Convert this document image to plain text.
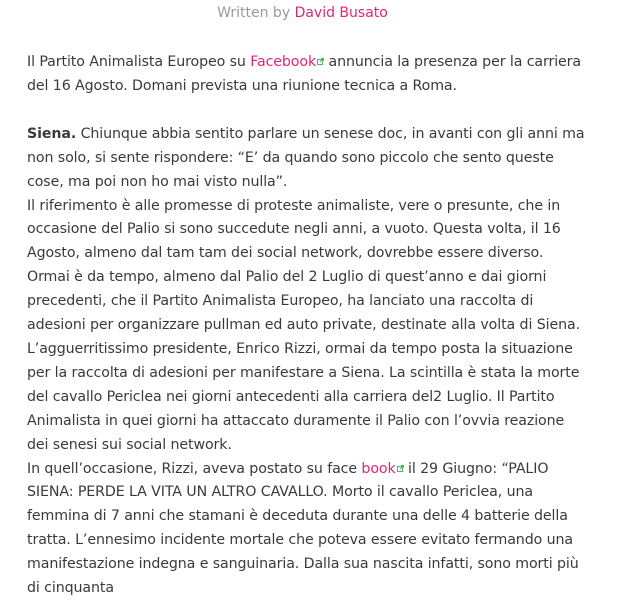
Written by David Busato

Il Partito Animalista Europeo su Facebook annuncia la presenza per la carriera del 16 Agosto. Domani prevista una riunione tecnica a Roma.

Siena. Chiunque abbia sentito parlare un senese doc, in avanti con gli anni ma non solo, si sente rispondere: “E’ da quando sono piccolo che sento queste cose, ma poi non ho mai visto nulla”.

Il riferimento è alle promesse di proteste animaliste, vere o presunte, che in occasione del Palio si sono succedute negli anni, a vuoto. Questa volta, il 16 Agosto, almeno dal tam tam dei social network, dovrebbe essere diverso. Ormai è da tempo, almeno dal Palio del 2 Luglio di quest’anno e dai giorni precedenti, che il Partito Animalista Europeo, ha lanciato una raccolta di adesioni per organizzare pullman ed auto private, destinate alla volta di Siena.

L’agguerritissimo presidente, Enrico Rizzi, ormai da tempo posta la situazione per la raccolta di adesioni per manifestare a Siena. La scintilla è stata la morte del cavallo Periclea nei giorni antecedenti alla carriera del2 Luglio. Il Partito Animalista in quei giorni ha attaccato duramente il Palio con l’ovvia reazione dei senesi sui social network.

In quell’occasione, Rizzi, aveva postato su face book il 29 Giugno: “PALIO SIENA: PERDE LA VITA UN ALTRO CAVALLO. Morto il cavallo Periclea, una femmina di 7 anni che stamani è deceduta durante una delle 4 batterie della tratta. L’ennesimo incidente mortale che poteva essere evitato fermando una manifestazione indegna e sanguinaria. Dalla sua nascita infatti, sono morti più di cinquanta
